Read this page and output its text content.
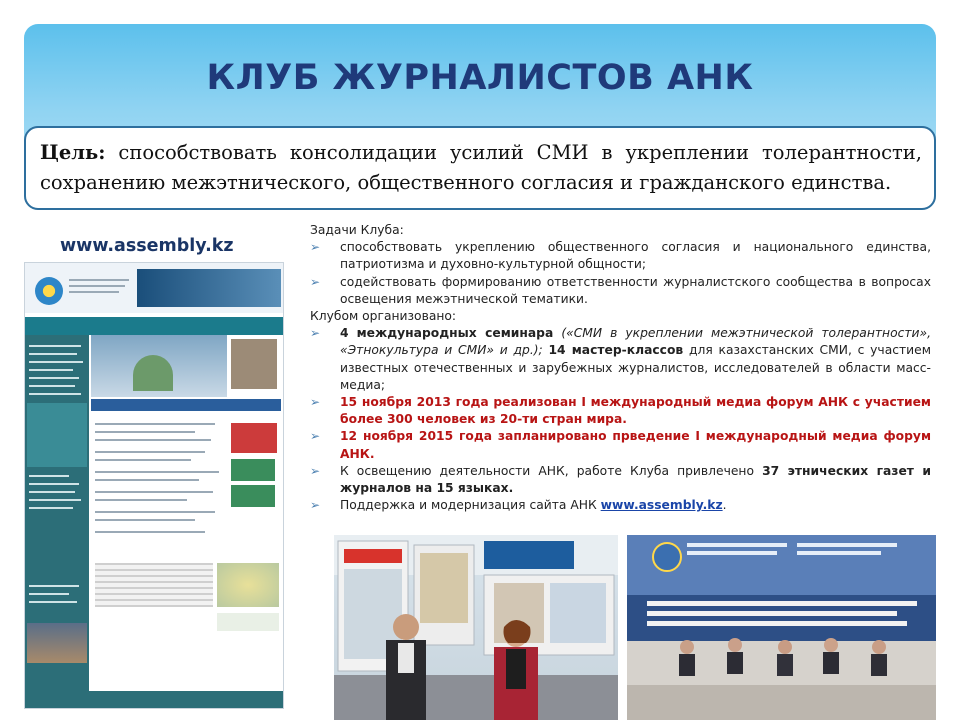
КЛУБ ЖУРНАЛИСТОВ АНК
Цель: способствовать консолидации усилий СМИ в укреплении толерантности, сохранению межэтнического, общественного согласия и гражданского единства.
www.assembly.kz

Задачи Клуба:

➢ способствовать укреплению общественного согласия и национального единства, патриотизма и духовно-культурной общности;

➢ содействовать формированию ответственности журналистского сообщества в вопросах освещения межэтнической тематики.

Клубом организовано:

➢ 4 международных семинара («СМИ в укреплении межэтнической толерантности», «Этнокультура и СМИ» и др.); 14 мастер-классов для казахстанских СМИ, с участием известных отечественных и зарубежных журналистов, исследователей в области масс-медиа;

➢ 15 ноября 2013 года реализован I международный медиа форум АНК с участием более 300 человек из 20-ти стран мира.

➢ 12 ноября 2015 года запланировано прведение I международный медиа форум АНК.

➢ К освещению деятельности АНК, работе Клуба привлечено 37 этнических газет и журналов на 15 языках.

➢ Поддержка и модернизация сайта АНК www.assembly.kz.
